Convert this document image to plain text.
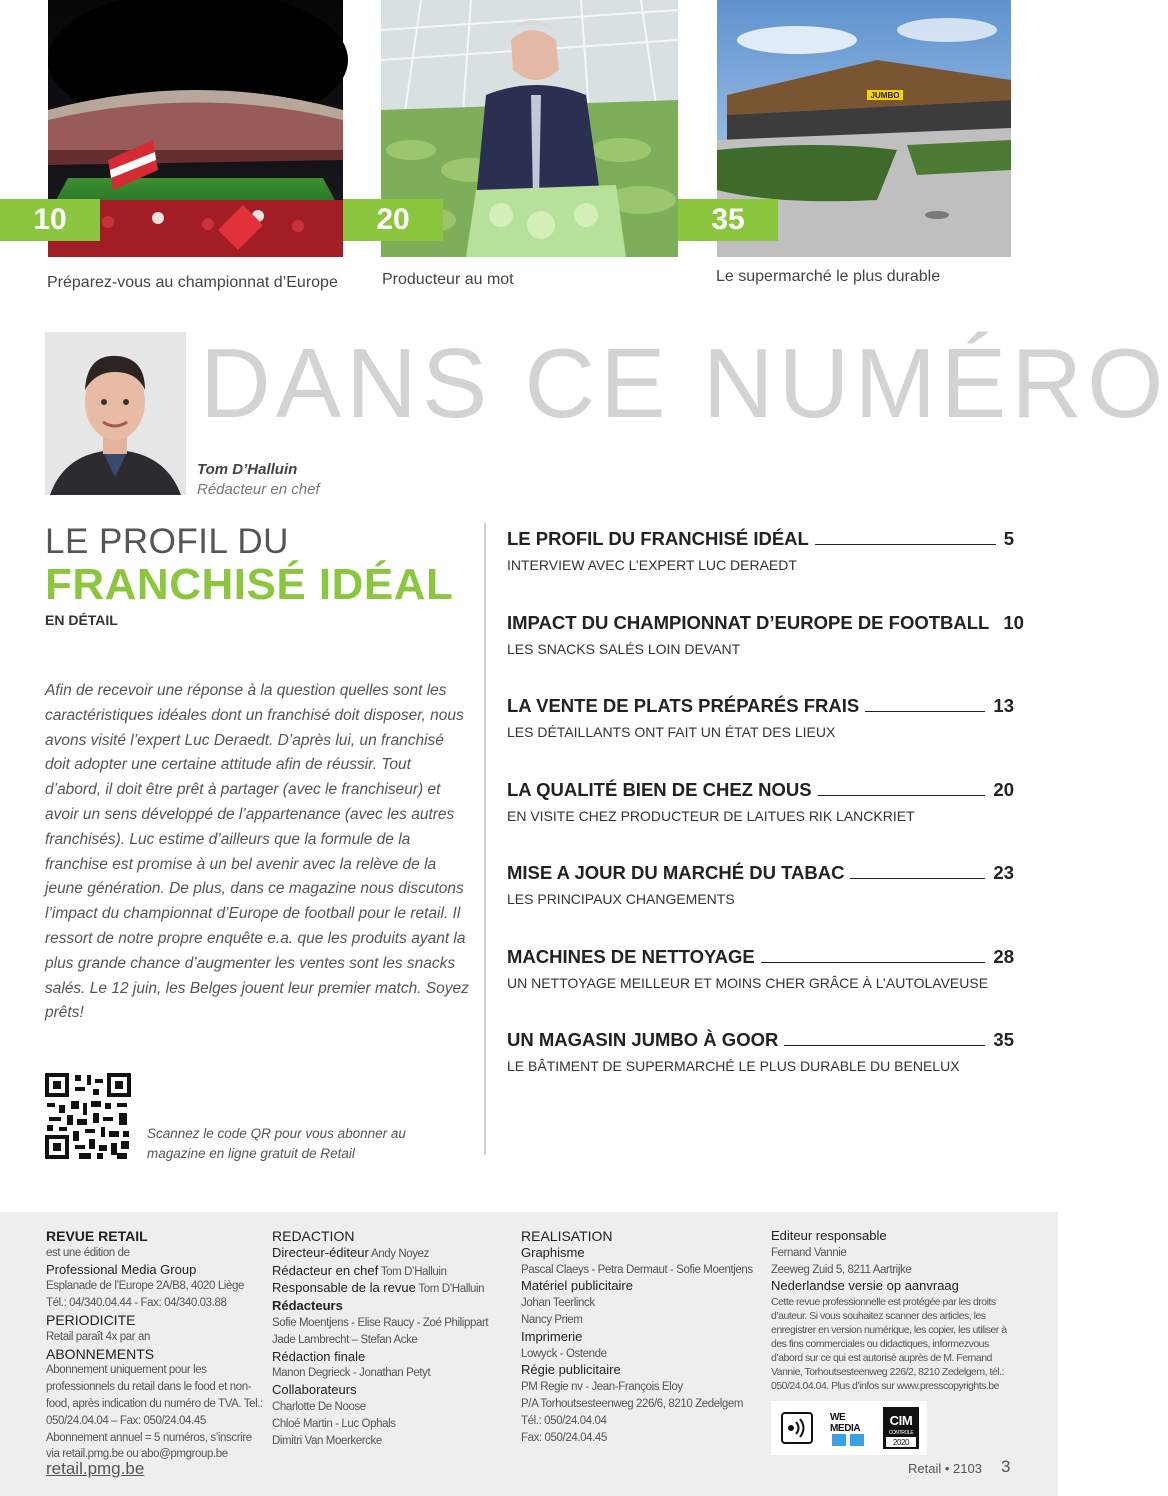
JUMBO
10	20	35
Préparez-vous au championnat d’Europe	Producteur au mot	Le supermarché le plus durable
DANS CE NUMÉRO
Tom D’Halluin
Rédacteur en chef
LE PROFIL DU
FRANCHISÉ IDÉAL
EN DÉTAIL
Afin de recevoir une réponse à la question quelles sont les caractéristiques idéales dont un franchisé doit disposer, nous avons visité l’expert Luc Deraedt. D’après lui, un franchisé doit adopter une certaine attitude afin de réussir. Tout d’abord, il doit être prêt à partager (avec le franchiseur) et avoir un sens développé de l’appartenance (avec les autres franchisés). Luc estime d’ailleurs que la formule de la franchise est promise à un bel avenir avec la relève de la jeune génération. De plus, dans ce magazine nous discutons l’impact du championnat d’Europe de football pour le retail. Il ressort de notre propre enquête e.a. que les produits ayant la plus grande chance d’augmenter les ventes sont les snacks salés. Le 12 juin, les Belges jouent leur premier match. Soyez prêts!
Scannez le code QR pour vous abonner au magazine en ligne gratuit de Retail
LE PROFIL DU FRANCHISÉ IDÉAL	5
INTERVIEW AVEC L’EXPERT LUC DERAEDT
IMPACT DU CHAMPIONNAT D’EUROPE DE FOOTBALL 10
LES SNACKS SALÉS LOIN DEVANT
LA VENTE DE PLATS PRÉPARÉS FRAIS	13
LES DÉTAILLANTS ONT FAIT UN ÉTAT DES LIEUX
LA QUALITÉ BIEN DE CHEZ NOUS	20
EN VISITE CHEZ PRODUCTEUR DE LAITUES RIK LANCKRIET
MISE A JOUR DU MARCHÉ DU TABAC	23
LES PRINCIPAUX CHANGEMENTS
MACHINES DE NETTOYAGE	28
UN NETTOYAGE MEILLEUR ET MOINS CHER GRÂCE À L’AUTOLAVEUSE
UN MAGASIN JUMBO À GOOR	35
LE BÂTIMENT DE SUPERMARCHÉ LE PLUS DURABLE DU BENELUX
REVUE RETAIL
est une édition de
Professional Media Group
Esplanade de l’Europe 2A/B8, 4020 Liège
Tél.: 04/340.04.44 - Fax: 04/340.03.88
PERIODICITE
Retail paraît 4x par an
ABONNEMENTS
Abonnement uniquement pour les professionnels du retail dans le food et non-food, après indication du numéro de TVA. Tel.: 050/24.04.04 – Fax: 050/24.04.45 Abonnement annuel = 5 numéros, s’inscrire via retail.pmg.be ou abo@pmgroup.be
REDACTION
Directeur-éditeur Andy Noyez
Rédacteur en chef Tom D’Halluin
Responsable de la revue Tom D’Halluin
Rédacteurs
Sofie Moentjens - Elise Raucy - Zoé Philippart
Jade Lambrecht – Stefan Acke
Rédaction finale
Manon Degrieck - Jonathan Petyt
Collaborateurs
Charlotte De Noose
Chloé Martin - Luc Ophals
Dimitri Van Moerkercke
REALISATION
Graphisme
Pascal Claeys - Petra Dermaut - Sofie Moentjens
Matériel publicitaire
Johan Teerlinck
Nancy Priem
Imprimerie
Lowyck - Ostende
Régie publicitaire
PM Regie nv - Jean-François Eloy
P/A Torhoutsesteenweg 226/6, 8210 Zedelgem
Tél.: 050/24.04.04
Fax: 050/24.04.45
Editeur responsable
Fernand Vannie
Zeeweg Zuid 5, 8211 Aartrijke
Nederlandse versie op aanvraag
Cette revue professionnelle est protégée par les droits d’auteur. Si vous souhaitez scanner des articles, les enregistrer en version numérique, les copier, les utiliser à des fins commerciales ou didactiques, informezvous d’abord sur ce qui est autorisé auprès de M. Fernand Vannie, Torhoutsesteenweg 226/2, 8210 Zedelgem, tél.: 050/24.04.04. Plus d’infos sur www.presscopyrights.be
WE
MEDIA
CIM
CONTROLE
2020
retail.pmg.be	Retail • 2103 3
